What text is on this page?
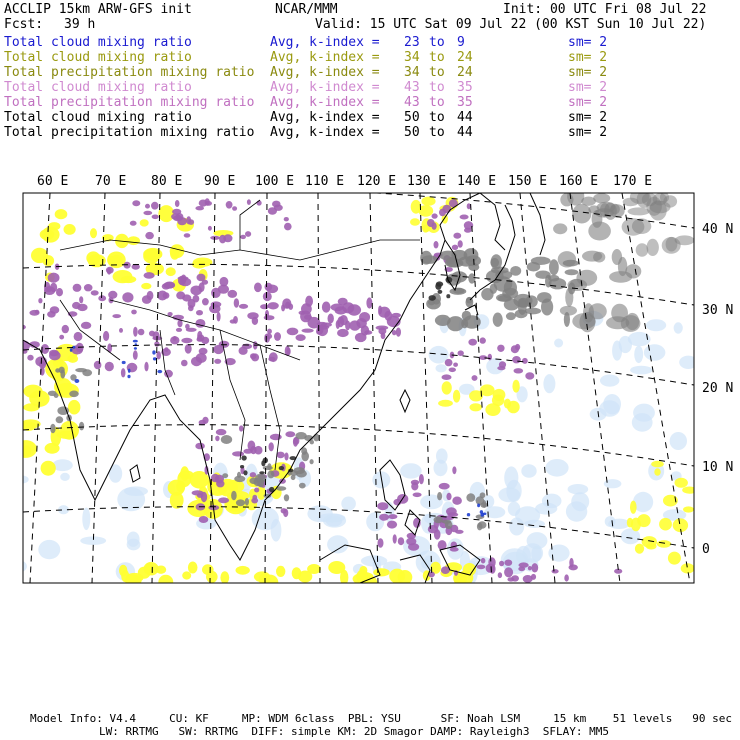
ACCLIP 15km ARW-GFS init	NCAR/MMM	Init: 00 UTC Fri 08 Jul 22
Fcst: 39 h	Valid: 15 UTC Sat 09 Jul 22 (00 KST Sun 10 Jul 22)
Total cloud mixing ratio	Avg, k-index = 23 to 9	sm= 2
Total cloud mixing ratio	Avg, k-index = 34 to 24	sm= 2
Total precipitation mixing ratio Avg, k-index = 34 to 24	sm= 2
Total cloud mixing ratio	Avg, k-index = 43 to 35	sm= 2
Total precipitation mixing ratio Avg, k-index = 43 to 35	sm= 2
Total cloud mixing ratio	Avg, k-index = 50 to 44	sm= 2
Total precipitation mixing ratio Avg, k-index = 50 to 44	sm= 2
60 E 70 E 80 E 90 E 100 E 110 E 120 E 130 E 140 E 150 E 160 E 170 E
40 N
30 N
20 N
10 N
0
Model Info: V4.4     CU: KF     MP: WDM 6class  PBL: YSU      SF: Noah LSM     15 km    51 levels   90 sec
LW: RRTMG   SW: RRTMG  DIFF: simple KM: 2D Smagor DAMP: Rayleigh3  SFLAY: MM5
